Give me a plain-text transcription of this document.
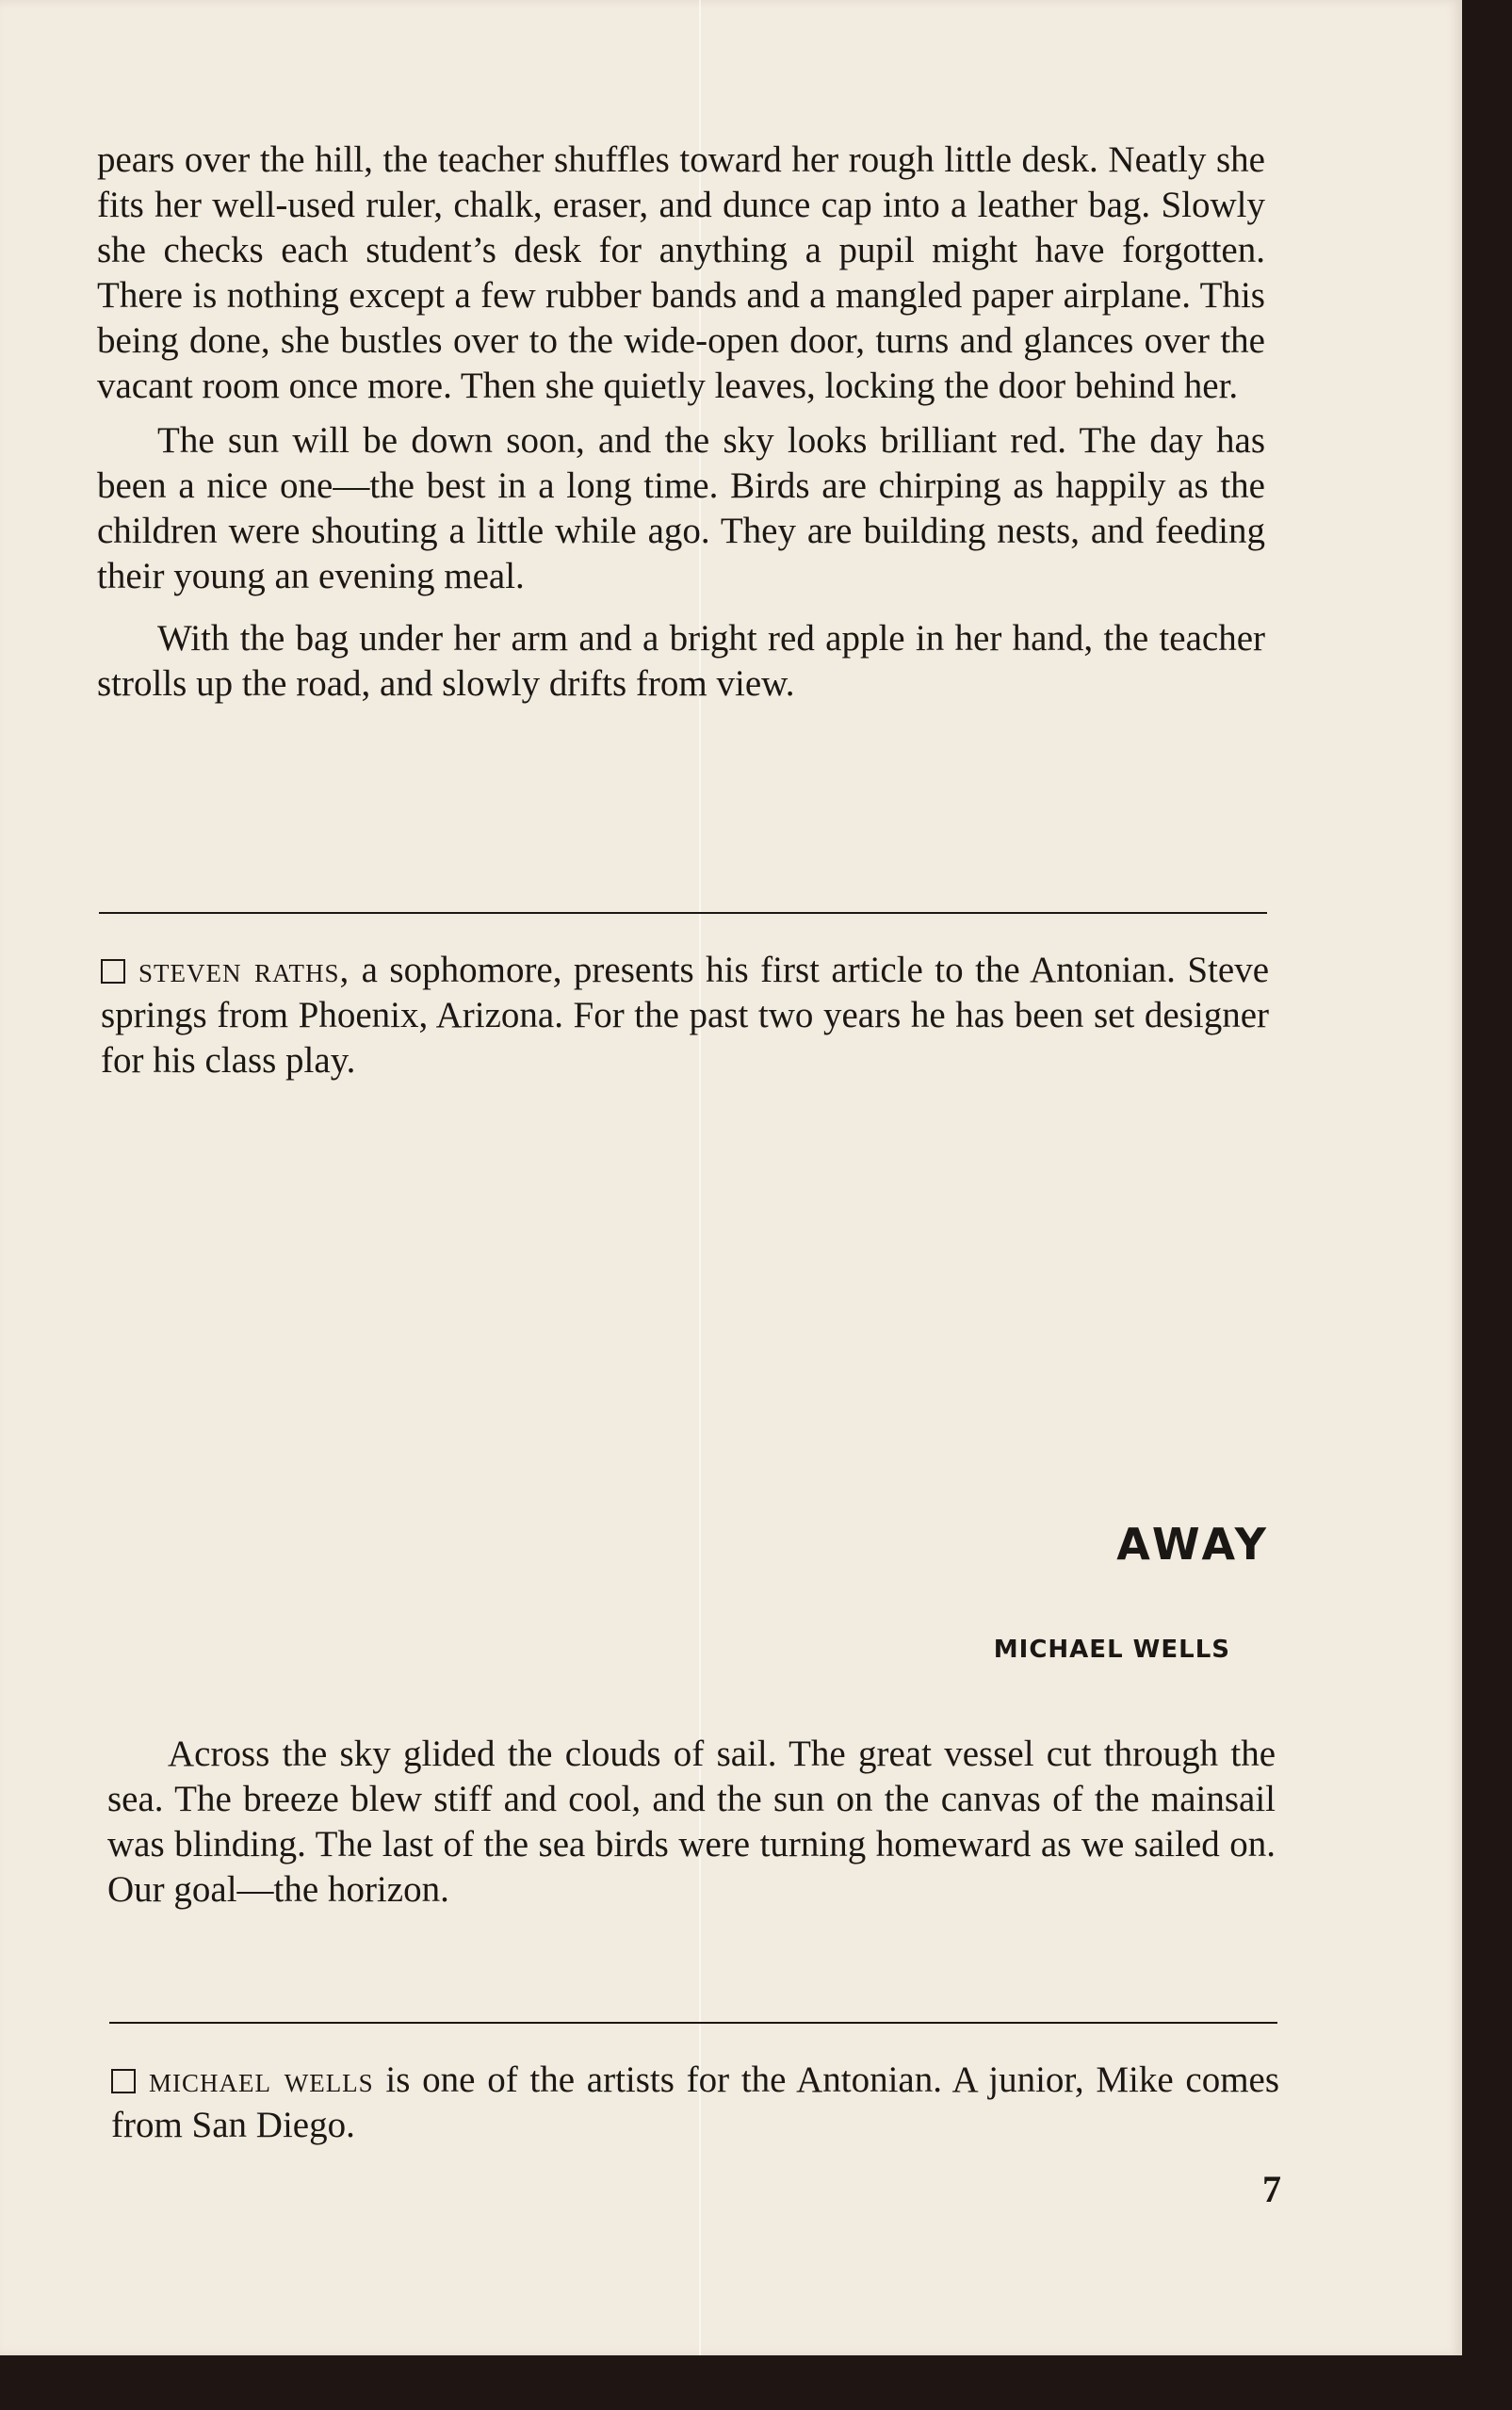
pears over the hill, the teacher shuffles toward her rough little desk. Neatly she fits her well-used ruler, chalk, eraser, and dunce cap into a leather bag. Slowly she checks each student’s desk for anything a pupil might have forgotten. There is nothing except a few rubber bands and a mangled paper airplane. This being done, she bustles over to the wide-open door, turns and glances over the vacant room once more. Then she quietly leaves, locking the door behind her.

The sun will be down soon, and the sky looks brilliant red. The day has been a nice one—the best in a long time. Birds are chirping as happily as the children were shouting a little while ago. They are building nests, and feeding their young an evening meal.

With the bag under her arm and a bright red apple in her hand, the teacher strolls up the road, and slowly drifts from view.

steven raths, a sophomore, presents his first article to the Antonian. Steve springs from Phoenix, Arizona. For the past two years he has been set designer for his class play.
AWAY
MICHAEL WELLS

Across the sky glided the clouds of sail. The great vessel cut through the sea. The breeze blew stiff and cool, and the sun on the canvas of the mainsail was blinding. The last of the sea birds were turning homeward as we sailed on. Our goal—the horizon.

michael wells is one of the artists for the Antonian. A junior, Mike comes from San Diego.
7
